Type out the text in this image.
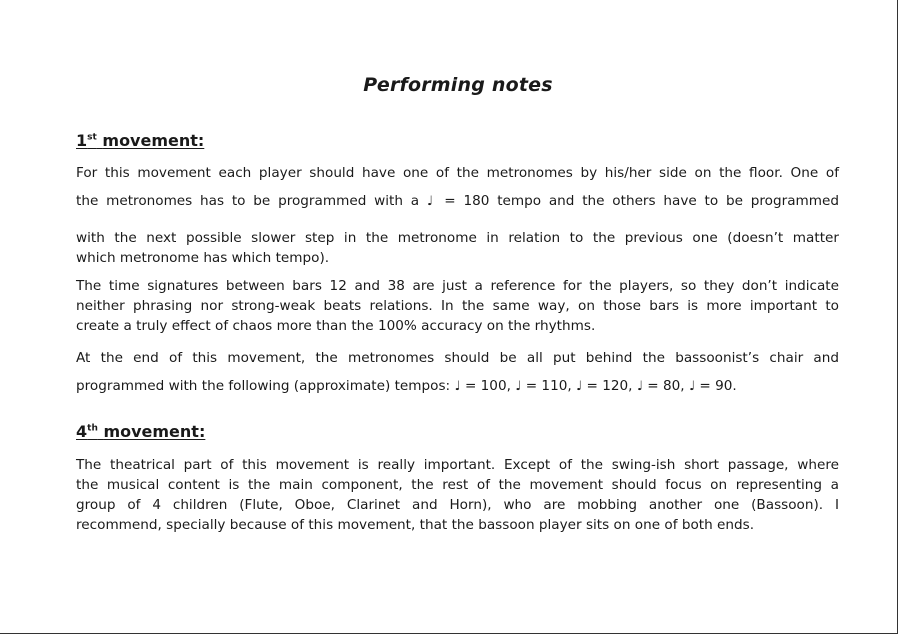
Performing notes
1st movement:
For this movement each player should have one of the metronomes by his/her side on the floor. One of
the metronomes has to be programmed with a ♩ = 180 tempo and the others have to be programmed
with the next possible slower step in the metronome in relation to the previous one (doesn’t matter
which metronome has which tempo).
The time signatures between bars 12 and 38 are just a reference for the players, so they don’t indicate
neither phrasing nor strong-weak beats relations. In the same way, on those bars is more important to
create a truly effect of chaos more than the 100% accuracy on the rhythms.
At the end of this movement, the metronomes should be all put behind the bassoonist’s chair and
programmed with the following (approximate) tempos: ♩ = 100, ♩ = 110, ♩ = 120, ♩ = 80, ♩ = 90.
4th movement:
The theatrical part of this movement is really important. Except of the swing-ish short passage, where
the musical content is the main component, the rest of the movement should focus on representing a
group of 4 children (Flute, Oboe, Clarinet and Horn), who are mobbing another one (Bassoon). I
recommend, specially because of this movement, that the bassoon player sits on one of both ends.
